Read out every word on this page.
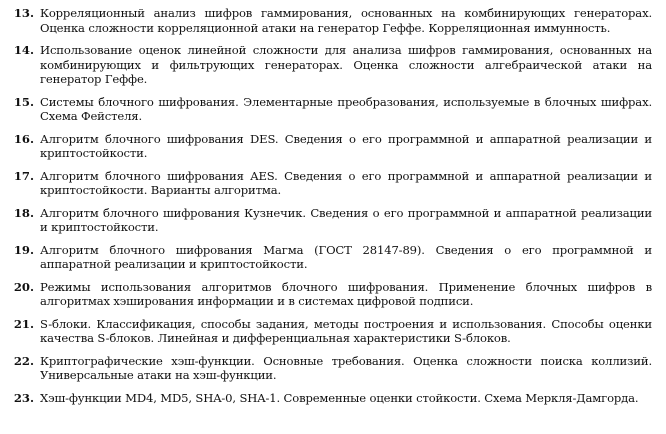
13. Корреляционный анализ шифров гаммирования, основанных на комбинирующих генераторах. Оценка сложности корреляционной атаки на генератор Геффе. Корреляционная иммунность.
14. Использование оценок линейной сложности для анализа шифров гаммирования, основанных на комбинирующих и фильтрующих генераторах. Оценка сложности алгебраической атаки на генератор Геффе.
15. Системы блочного шифрования. Элементарные преобразования, используемые в блочных шифрах. Схема Фейстеля.
16. Алгоритм блочного шифрования DES. Сведения о его программной и аппаратной реализации и криптостойкости.
17. Алгоритм блочного шифрования AES. Сведения о его программной и аппаратной реализации и криптостойкости. Варианты алгоритма.
18. Алгоритм блочного шифрования Кузнечик. Сведения о его программной и аппаратной реализации и криптостойкости.
19. Алгоритм блочного шифрования Магма (ГОСТ 28147-89). Сведения о его программной и аппаратной реализации и криптостойкости.
20. Режимы использования алгоритмов блочного шифрования. Применение блочных шифров в алгоритмах хэширования информации и в системах цифровой подписи.
21. S-блоки. Классификация, способы задания, методы построения и использования. Способы оценки качества S-блоков. Линейная и дифференциальная характеристики S-блоков.
22. Криптографические хэш-функции. Основные требования. Оценка сложности поиска коллизий. Универсальные атаки на хэш-функции.
23. Хэш-функции MD4, MD5, SHA-0, SHA-1. Современные оценки стойкости. Схема Меркля-Дамгорда.
